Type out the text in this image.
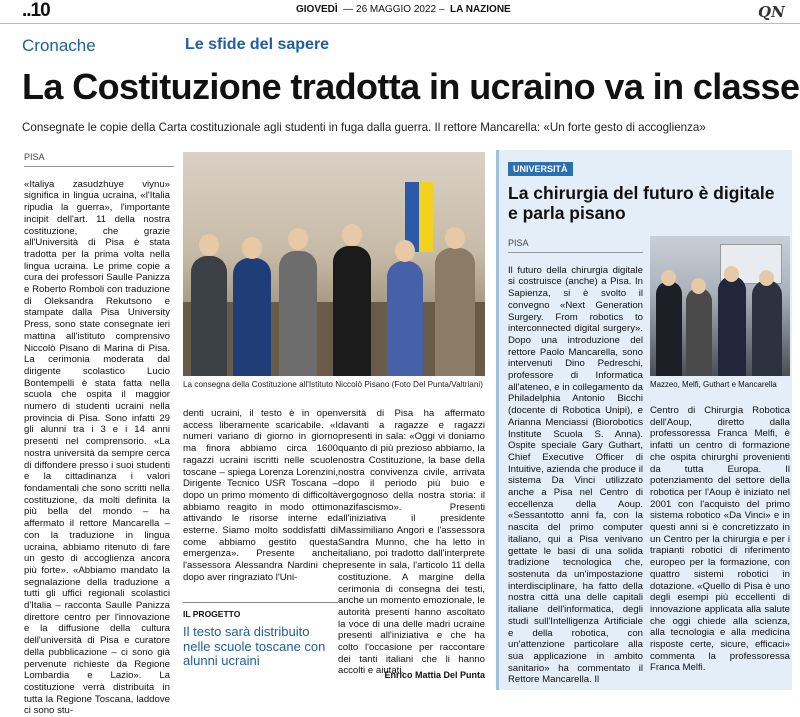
..10	GIOVEDÌ  — 26 MAGGIO 2022 –  LA NAZIONE	QN
Cronache	Le sfide del sapere
La Costituzione tradotta in ucraino va in classe
Consegnate le copie della Carta costituzionale agli studenti in fuga dalla guerra. Il rettore Mancarella: «Un forte gesto di accoglienza»
PISA

«Italiya zasudzhuye viynu» significa in lingua ucraina, «l'Italia ripudia la guerra», l'importante incipit dell'art. 11 della nostra costituzione, che grazie all'Università di Pisa è stata tradotta per la prima volta nella lingua ucraina. Le prime copie a cura dei professori Saulle Panizza e Roberto Romboli con traduzione di Oleksandra Rekutsono e stampate dalla Pisa University Press, sono state consegnate ieri mattina all'istituto comprensivo Niccolò Pisano di Marina di Pisa. La cerimonia moderata dal dirigente scolastico Lucio Bontempelli è stata fatta nella scuola che ospita il maggior numero di studenti ucraini nella provincia di Pisa. Sono infatti 29 gli alunni tra i 3 e i 14 anni presenti nel comprensorio. «La nostra università da sempre cerca di diffondere presso i suoi studenti e la cittadinanza i valori fondamentali che sono scritti nella costituzione, da molti definita la più bella del mondo – ha affermato il rettore Mancarella – con la traduzione in lingua ucraina, abbiamo ritenuto di fare un gesto di accoglienza ancora più forte». «Abbiamo mandato la segnalazione della traduzione a tutti gli uffici regionali scolastici d'Italia – racconta Saulle Panizza direttore centro per l'innovazione e la diffusione della cultura dell'università di Pisa e curatore della pubblicazione – ci sono già pervenute richieste da Regione Lombardia e Lazio». La costituzione verrà distribuita in tutta la Regione Toscana, laddove ci sono stu-

La consegna della Costituzione all'Istituto Niccolò Pisano (Foto Del Punta/Valtriani)

denti ucraini, il testo è in open access liberamente scaricabile. «I numeri variano di giorno in giorno ma finora abbiamo circa 1600 ragazzi ucraini iscritti nelle scuole toscane – spiega Lorenza Lorenzini, Dirigente Tecnico USR Toscana – dopo un primo momento di difficoltà abbiamo reagito in modo ottimo attivando le risorse interne ed esterne. Siamo molto soddisfatti di come abbiamo gestito questa emergenza». Presente anche l'assessora Alessandra Nardini che dopo aver ringraziato l'Uni-

IL PROGETTO
Il testo sarà distribuito nelle scuole toscane con alunni ucraini

versità di Pisa ha affermato davanti a ragazze e ragazzi presenti in sala: «Oggi vi doniamo quanto di più prezioso abbiamo, la nostra Costituzione, la base della nostra convivenza civile, arrivata dopo il periodo più buio e vergognoso della nostra storia: il nazifascismo». Presenti all'iniziativa il presidente Massimiliano Angori e l'assessora Sandra Munno, che ha letto in italiano, poi tradotto dall'interprete presente in sala, l'articolo 11 della costituzione. A margine della cerimonia di consegna dei testi, anche un momento emozionale, le autorità presenti hanno ascoltato la voce di una delle madri ucraine presenti all'iniziativa e che ha colto l'occasione per raccontare dei tanti italiani che li hanno accolti e aiutati.

Enrico Mattia Del Punta
UNIVERSITÀ
La chirurgia del futuro è digitale e parla pisano
PISA

Il futuro della chirurgia digitale si costruisce (anche) a Pisa. In Sapienza, si è svolto il convegno «Next Generation Surgery. From robotics to interconnected digital surgery». Dopo una introduzione del rettore Paolo Mancarella, sono intervenuti Dino Pedreschi, professore di Informatica all'ateneo, e in collegamento da Philadelphia Antonio Bicchi (docente di Robotica Unipi), e Arianna Menciassi (Biorobotics Institute Scuola S. Anna). Ospite speciale Gary Guthart, Chief Executive Officer di Intuitive, azienda che produce il sistema Da Vinci utilizzato anche a Pisa nel Centro di eccellenza della Aoup. «Sessantotto anni fa, con la nascita del primo computer italiano, qui a Pisa venivano gettate le basi di una solida tradizione tecnologica che, sostenuta da un'impostazione interdisciplinare, ha fatto della nostra città una delle capitali italiane dell'informatica, degli studi sull'Intelligenza Artificiale e della robotica, con un'attenzione particolare alla sua applicazione in ambito sanitario» ha commentato il Rettore Mancarella. Il

Mazzeo, Melfi, Guthart e Mancarella

Centro di Chirurgia Robotica dell'Aoup, diretto dalla professoressa Franca Melfi, è infatti un centro di formazione che ospita chirurghi provenienti da tutta Europa. Il potenziamento del settore della robotica per l'Aoup è iniziato nel 2001 con l'acquisto del primo sistema robotico «Da Vinci» e in questi anni si è concretizzato in un Centro per la chirurgia e per i trapianti robotici di riferimento europeo per la formazione, con quattro sistemi robotici in dotazione. «Quello di Pisa è uno degli esempi più eccellenti di innovazione applicata alla salute che oggi chiede alla scienza, alla tecnologia e alla medicina risposte certe, sicure, efficaci» commenta la professoressa Franca Melfi.
